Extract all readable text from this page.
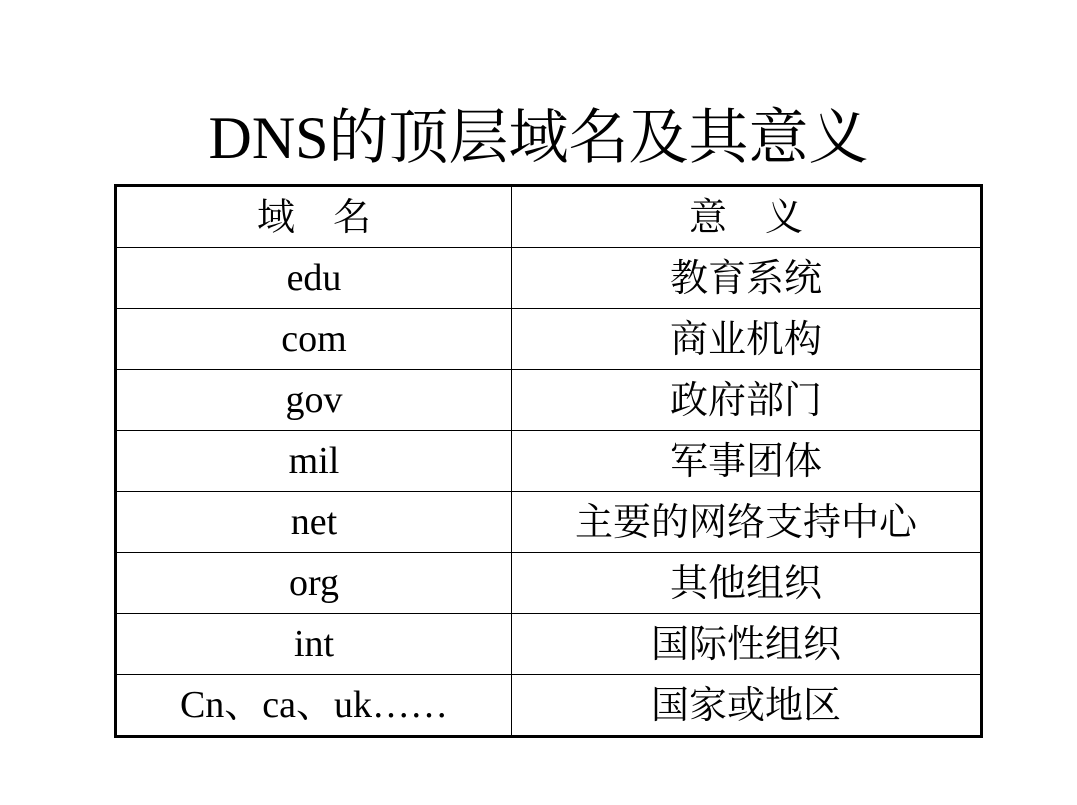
DNS的顶层域名及其意义
域　名	意　义
edu	教育系统
com	商业机构
gov	政府部门
mil	军事团体
net	主要的网络支持中心
org	其他组织
int	国际性组织
Cn、ca、uk……	国家或地区
